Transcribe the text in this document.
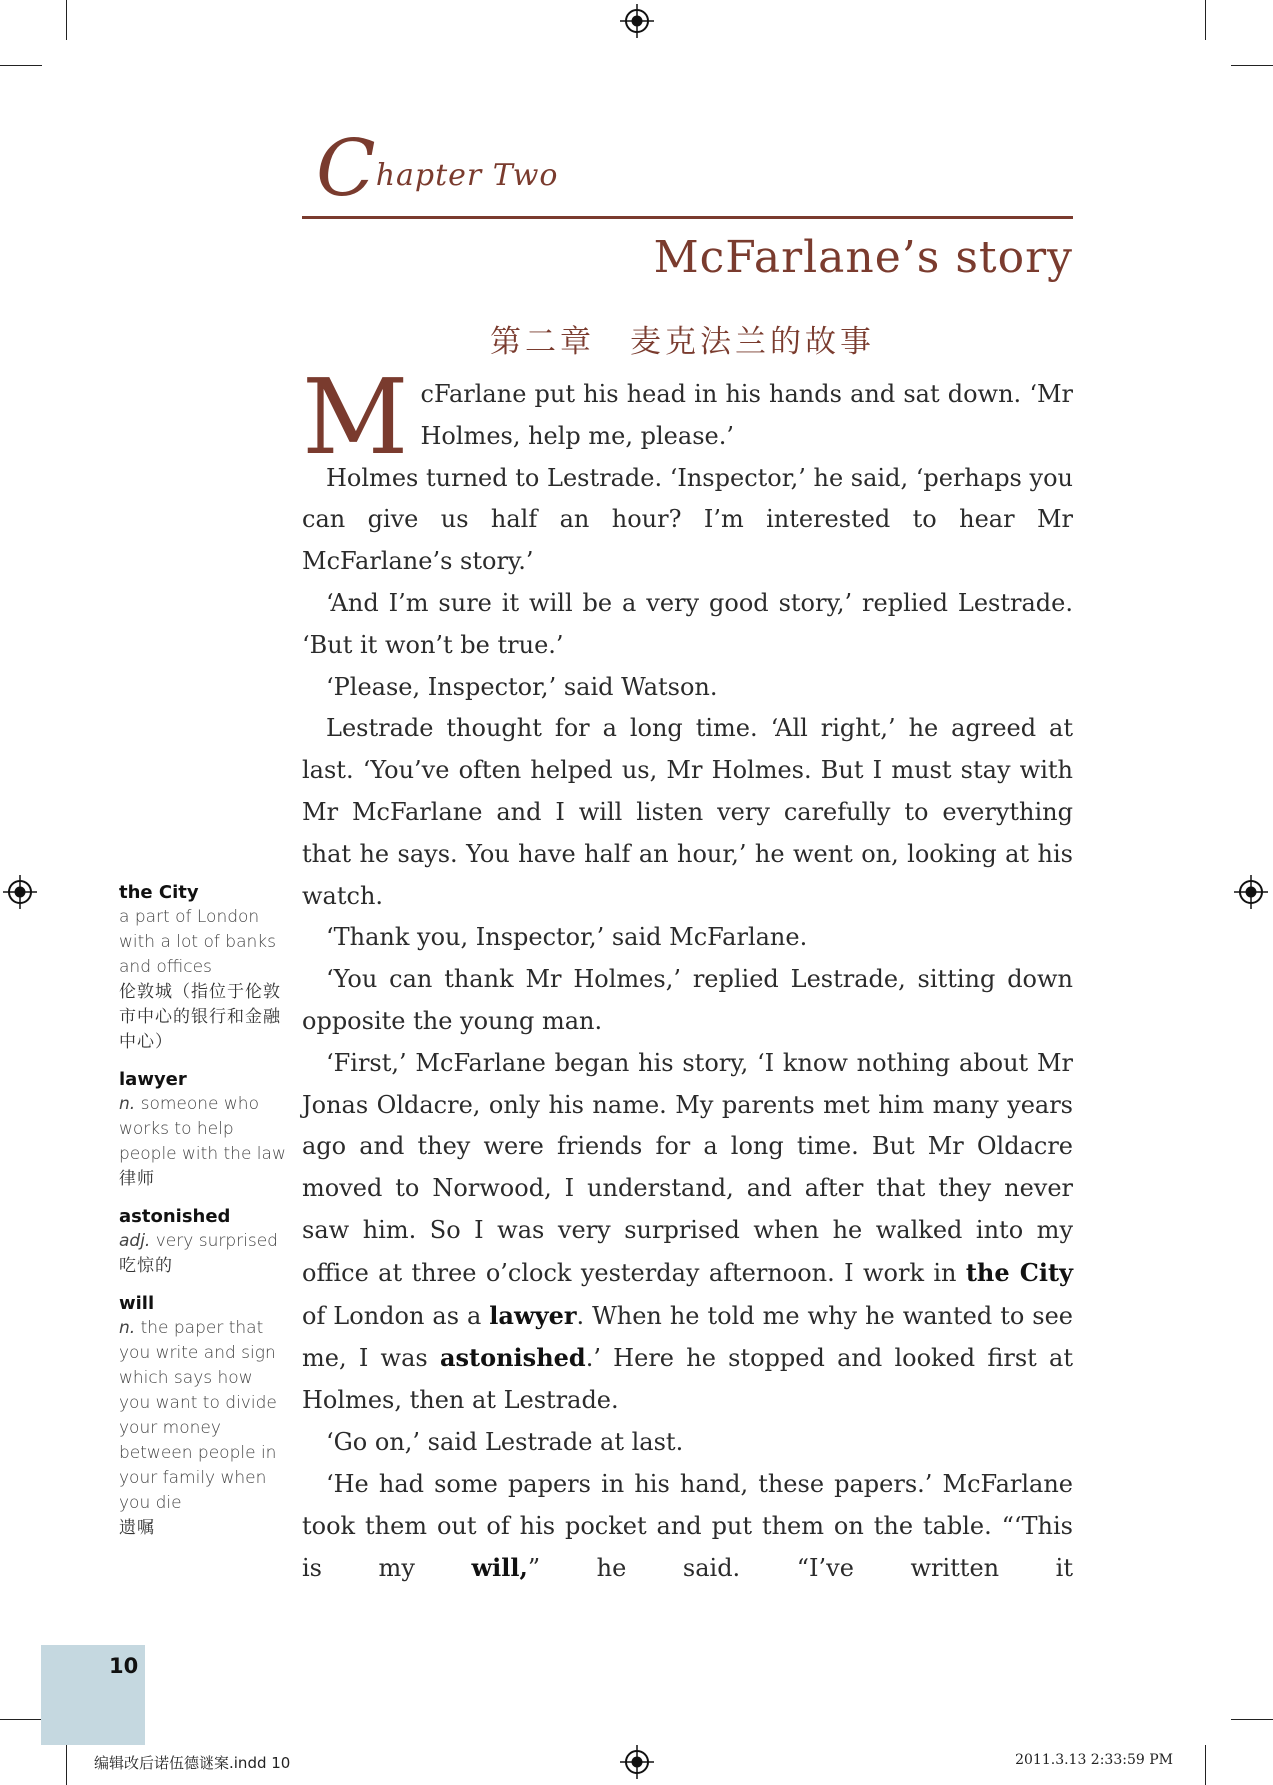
Chapter Two
McFarlane’s story
第二章　麦克法兰的故事

McFarlane put his head in his hands and sat down. ‘Mr Holmes, help me, please.’

Holmes turned to Lestrade. ‘Inspector,’ he said, ‘perhaps you can give us half an hour? I’m interested to hear Mr McFarlane’s story.’

‘And I’m sure it will be a very good story,’ replied Lestrade. ‘But it won’t be true.’

‘Please, Inspector,’ said Watson.

Lestrade thought for a long time. ‘All right,’ he agreed at last. ‘You’ve often helped us, Mr Holmes. But I must stay with Mr McFarlane and I will listen very carefully to everything that he says. You have half an hour,’ he went on, looking at his watch.

‘Thank you, Inspector,’ said McFarlane.

‘You can thank Mr Holmes,’ replied Lestrade, sitting down opposite the young man.

‘First,’ McFarlane began his story, ‘I know nothing about Mr Jonas Oldacre, only his name. My parents met him many years ago and they were friends for a long time. But Mr Oldacre moved to Norwood, I understand, and after that they never saw him. So I was very surprised when he walked into my office at three o’clock yesterday afternoon. I work in the City of London as a lawyer. When he told me why he wanted to see me, I was astonished.’ Here he stopped and looked first at Holmes, then at Lestrade.

‘Go on,’ said Lestrade at last.

‘He had some papers in his hand, these papers.’ McFarlane took them out of his pocket and put them on the table. “‘This is my will,” he said. “I’ve written it

the City
a part of London with a lot of banks and offices
伦敦城（指位于伦敦市中心的银行和金融中心）
lawyer
n. someone who works to help people with the law
律师
astonished
adj. very surprised
吃惊的
will
n. the paper that you write and sign which says how you want to divide your money between people in your family when you die
遗嘱
10
编辑改后诺伍德谜案.indd 10	2011.3.13 2:33:59 PM
